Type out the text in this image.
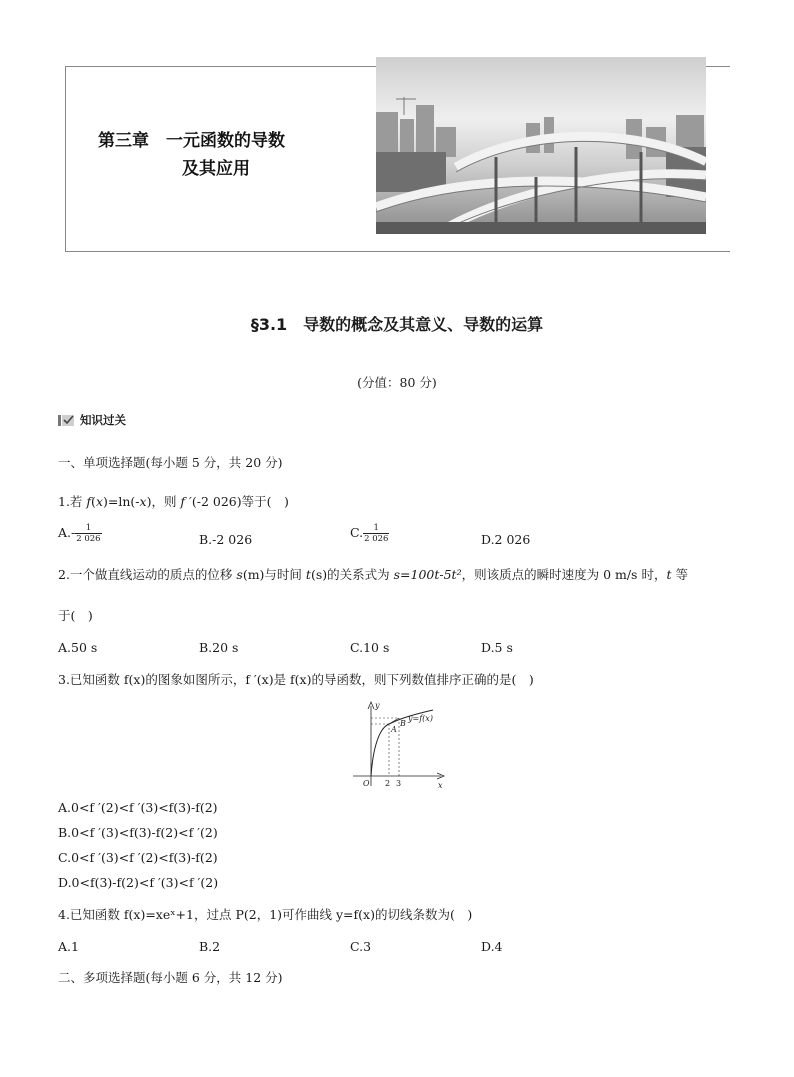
第三章　一元函数的导数
及其应用
§3.1　导数的概念及其意义、导数的运算
(分值：80 分)
知识过关
一、单项选择题(每小题 5 分，共 20 分)
1.若 f(x)=ln(-x)，则 f ′(-2 026)等于(　)
$A.- \frac{1}{2 026}$	B.-2 026	C. $\frac{1}{2 026}$	D.2 026
2.一个做直线运动的质点的位移 s(m)与时间 t(s)的关系式为 s=100t-5t²，则该质点的瞬时速度为 0 m/s 时，t 等
于(　)
A.50 s	B.20 s	C.10 s	D.5 s
3.已知函数 f(x)的图象如图所示，f ′(x)是 f(x)的导函数，则下列数值排序正确的是(　)
y
x
O 2 3
A
B
y=f(x)
A.0<f ′(2)<f ′(3)<f(3)-f(2)
B.0<f ′(3)<f(3)-f(2)<f ′(2)
C.0<f ′(3)<f ′(2)<f(3)-f(2)
D.0<f(3)-f(2)<f ′(3)<f ′(2)
4.已知函数 f(x)=xeˣ+1，过点 P(2，1)可作曲线 y=f(x)的切线条数为(　)
A.1	B.2	C.3	D.4
二、多项选择题(每小题 6 分，共 12 分)
